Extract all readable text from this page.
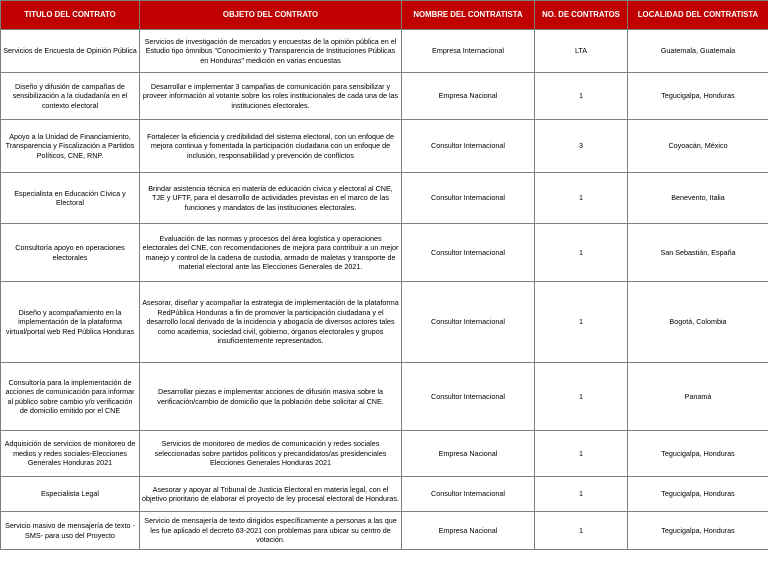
TITULO DEL CONTRATO	OBJETO DEL CONTRATO	NOMBRE DEL CONTRATISTA	NO. DE CONTRATOS	LOCALIDAD DEL CONTRATISTA
Servicios de Encuesta de Opinión Pública	Servicios de investigación de mercados y encuestas de la opinión pública en el Estudio tipo ómnibus "Conocimiento y Transparencia de Instituciones Públicas en Honduras" medición en varias encuestas	Empresa Internacional	LTA	Guatemala, Guatemala
Diseño y difusión de campañas de sensibilización a la ciudadanía en el contexto electoral	Desarrollar e implementar 3 campañas de comunicación para sensibilizar y proveer información al votante sobre los roles institucionales de cada una de las instituciones electorales.	Empresa Nacional	1	Tegucigalpa, Honduras
Apoyo a la Unidad de Financiamiento, Transparencia y Fiscalización a Partidos Políticos, CNE, RNP.	Fortalecer la eficiencia y credibilidad del sistema electoral, con un enfoque de mejora continua y fomentada la participación ciudadana con un enfoque de inclusión, responsabilidad y prevención de conflictos	Consultor Internacional	3	Coyoacán, México
Especialista en Educación Cívica y Electoral	Brindar asistencia técnica en materia de educación cívica y electoral al CNE, TJE y UFTF, para el desarrollo de actividades previstas en el marco de las funciones y mandatos de las instituciones electorales.	Consultor Internacional	1	Benevento, Italia
Consultoría apoyo en operaciones electorales	Evaluación de las normas y procesos del área logística y operaciones electorales del CNE, con recomendaciones de mejora para contribuir a un mejor manejo y control de la cadena de custodia, armado de maletas y transporte de material electoral ante las Elecciones Generales de 2021.	Consultor Internacional	1	San Sebastián, España
Diseño y acompañamiento en la implementación de la plataforma virtual/portal web Red Pública Honduras	Asesorar, diseñar y acompañar la estrategia de implementación de la plataforma RedPública Honduras a fin de promover la participación ciudadana y el desarrollo local derivado de la incidencia y abogacía de diversos actores tales como academia, sociedad civil, gobierno, órganos electorales y grupos insuficientemente representados.	Consultor Internacional	1	Bogotá, Colombia
Consultoría para la implementación de acciones de comunicación para informar al público sobre cambio y/o verificación de domicilio emitido por el CNE	Desarrollar piezas e implementar acciones de difusión masiva sobre la verificación/cambio de domicilio que la población debe solicitar al CNE.	Consultor Internacional	1	Panamá
Adquisición de servicios de monitoreo de medios y redes sociales-Elecciones Generales Honduras 2021	Servicios de monitoreo de medios de comunicación y redes sociales seleccionadas sobre partidos políticos y precandidatos/as presidenciales Elecciones Generales Honduras 2021	Empresa Nacional	1	Tegucigalpa, Honduras
Especialista Legal	Asesorar y apoyar al Tribunal de Justicia Electoral en materia legal, con el objetivo prioritario de elaborar el proyecto de ley procesal electoral de Honduras.	Consultor Internacional	1	Tegucigalpa, Honduras
Servicio masivo de mensajería de texto -SMS- para uso del Proyecto	Servicio de mensajería de texto dirigidos específicamente a personas a las que les fue aplicado el decreto 63-2021 con problemas para ubicar su centro de votación.	Empresa Nacional	1	Tegucigalpa, Honduras
